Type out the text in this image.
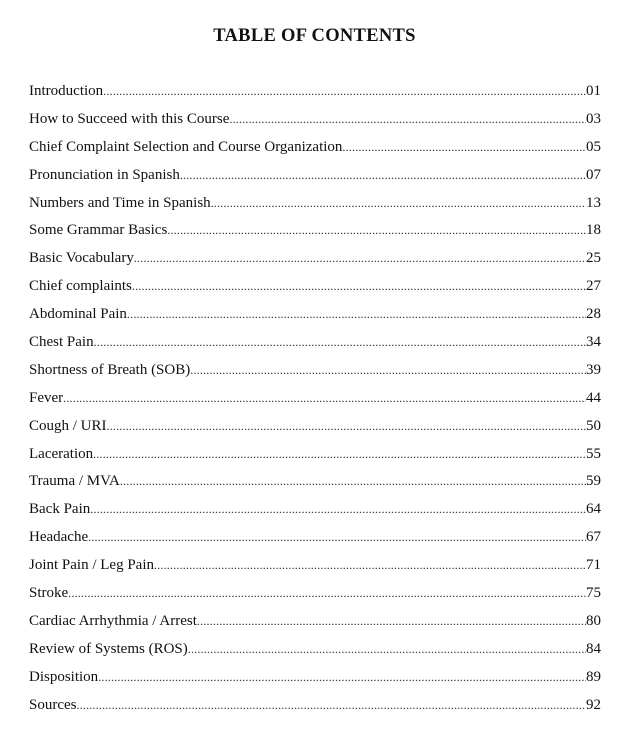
TABLE OF CONTENTS
Introduction .....	01
How to Succeed with this Course .....	03
Chief Complaint Selection and Course Organization .....	05
Pronunciation in Spanish .....	07
Numbers and Time in Spanish .....	13
Some Grammar Basics .....	18
Basic Vocabulary .....	25
Chief complaints .....	27
Abdominal Pain .....	28
Chest Pain .....	34
Shortness of Breath (SOB) .....	39
Fever .....	44
Cough / URI .....	50
Laceration .....	55
Trauma / MVA .....	59
Back Pain .....	64
Headache .....	67
Joint Pain / Leg Pain .....	71
Stroke .....	75
Cardiac Arrhythmia / Arrest .....	80
Review of Systems (ROS) .....	84
Disposition .....	89
Sources .....	92
